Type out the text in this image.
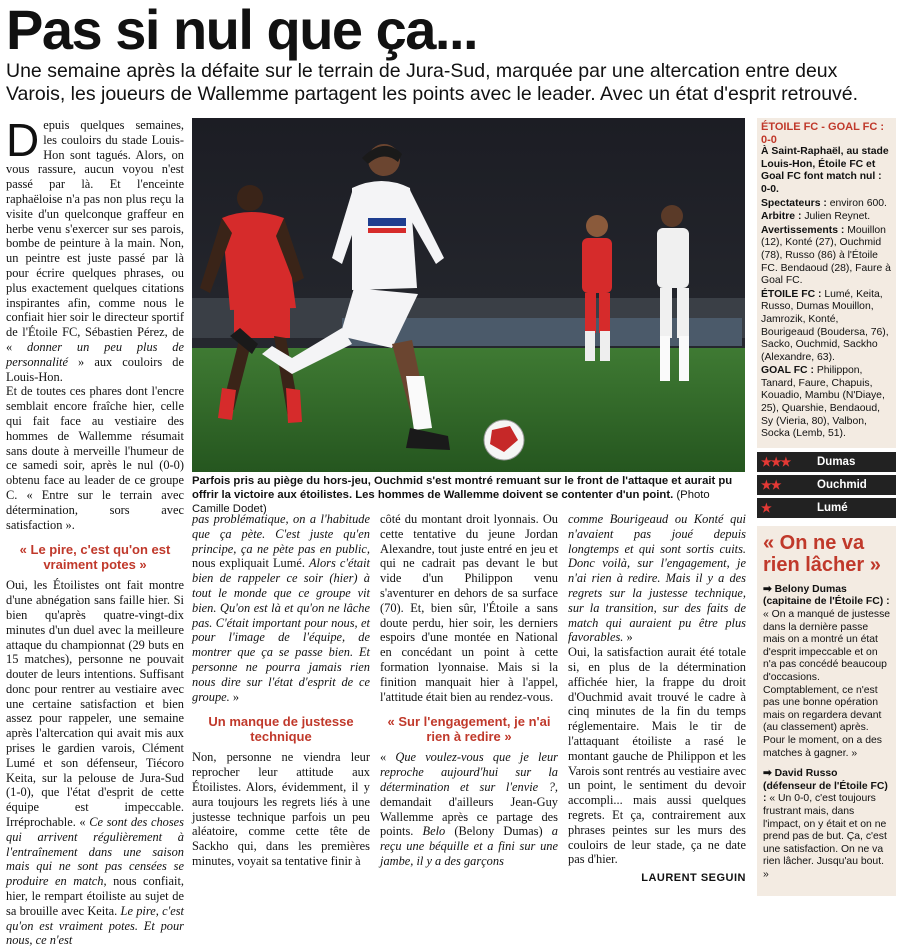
Pas si nul que ça...
Une semaine après la défaite sur le terrain de Jura-Sud, marquée par une altercation entre deux Varois, les joueurs de Wallemme partagent les points avec le leader. Avec un état d'esprit retrouvé.

Depuis quelques semaines, les couloirs du stade Louis-Hon sont tagués. Alors, on vous rassure, aucun voyou n'est passé par là. Et l'enceinte raphaëloise n'a pas non plus reçu la visite d'un quelconque graffeur en herbe venu s'exercer sur ses parois, bombe de peinture à la main. Non, un peintre est juste passé par là pour écrire quelques phrases, ou plus exactement quelques citations inspirantes afin, comme nous le confiait hier soir le directeur sportif de l'Étoile FC, Sébastien Pérez, de « donner un peu plus de personnalité » aux couloirs de Louis-Hon.

Et de toutes ces phares dont l'encre semblait encore fraîche hier, celle qui fait face au vestiaire des hommes de Wallemme résumait sans doute à merveille l'humeur de ce samedi soir, après le nul (0-0) obtenu face au leader de ce groupe C. « Entre sur le terrain avec détermination, sors avec satisfaction ».

« Le pire, c'est qu'on est vraiment potes »

Oui, les Étoilistes ont fait montre d'une abnégation sans faille hier. Si bien qu'après quatre-vingt-dix minutes d'un duel avec la meilleure attaque du championnat (29 buts en 15 matches), personne ne pouvait douter de leurs intentions. Suffisant donc pour rentrer au vestiaire avec une certaine satisfaction et bien assez pour rappeler, une semaine après l'altercation qui avait mis aux prises le gardien varois, Clément Lumé et son défenseur, Tiécoro Keita, sur la pelouse de Jura-Sud (1-0), que l'état d'esprit de cette équipe est impeccable. Irréprochable. « Ce sont des choses qui arrivent régulièrement à l'entraînement dans une saison mais qui ne sont pas censées se produire en match, nous confiait, hier, le rempart étoiliste au sujet de sa brouille avec Keita. Le pire, c'est qu'on est vraiment potes. Et pour nous, ce n'est

Parfois pris au piège du hors-jeu, Ouchmid s'est montré remuant sur le front de l'attaque et aurait pu offrir la victoire aux étoilistes. Les hommes de Wallemme doivent se contenter d'un point. (Photo Camille Dodet)

pas problématique, on a l'habitude que ça pète. C'est juste qu'en principe, ça ne pète pas en public, nous expliquait Lumé. Alors c'était bien de rappeler ce soir (hier) à tout le monde que ce groupe vit bien. Qu'on est là et qu'on ne lâche pas. C'était important pour nous, et pour l'image de l'équipe, de montrer que ça se passe bien. Et personne ne pourra jamais rien nous dire sur l'état d'esprit de ce groupe. »

Un manque de justesse technique

Non, personne ne viendra leur reprocher leur attitude aux Étoilistes. Alors, évidemment, il y aura toujours les regrets liés à une justesse technique parfois un peu aléatoire, comme cette tête de Sackho qui, dans les premières minutes, voyait sa tentative finir à

côté du montant droit lyonnais. Ou cette tentative du jeune Jordan Alexandre, tout juste entré en jeu et qui ne cadrait pas devant le but vide d'un Philippon venu s'aventurer en dehors de sa surface (70). Et, bien sûr, l'Étoile a sans doute perdu, hier soir, les derniers espoirs d'une montée en National en concédant un point à cette formation lyonnaise. Mais si la finition manquait hier à l'appel, l'attitude était bien au rendez-vous.

« Sur l'engagement, je n'ai rien à redire »

« Que voulez-vous que je leur reproche aujourd'hui sur la détermination et sur l'envie ?, demandait d'ailleurs Jean-Guy Wallemme après ce partage des points. Belo (Belony Dumas) a reçu une béquille et a fini sur une jambe, il y a des garçons

comme Bourigeaud ou Konté qui n'avaient pas joué depuis longtemps et qui sont sortis cuits. Donc voilà, sur l'engagement, je n'ai rien à redire. Mais il y a des regrets sur la justesse technique, sur la transition, sur des faits de match qui auraient pu être plus favorables. »

Oui, la satisfaction aurait été totale si, en plus de la détermination affichée hier, la frappe du droit d'Ouchmid avait trouvé le cadre à cinq minutes de la fin du temps réglementaire. Mais le tir de l'attaquant étoiliste a rasé le montant gauche de Philippon et les Varois sont rentrés au vestiaire avec un point, le sentiment du devoir accompli... mais aussi quelques regrets. Et ça, contrairement aux phrases peintes sur les murs des couloirs de leur stade, ça ne date pas d'hier.

LAURENT SEGUIN
ÉTOILE FC - GOAL FC : 0-0

À Saint-Raphaël, au stade Louis-Hon, Étoile FC et Goal FC font match nul : 0-0.

Spectateurs : environ 600.

Arbitre : Julien Reynet.

Avertissements : Mouillon (12), Konté (27), Ouchmid (78), Russo (86) à l'Étoile FC. Bendaoud (28), Faure à Goal FC.

ÉTOILE FC : Lumé, Keita, Russo, Dumas Mouillon, Jamrozik, Konté, Bourigeaud (Boudersa, 76), Sacko, Ouchmid, Sackho (Alexandre, 63).

GOAL FC : Philippon, Tanard, Faure, Chapuis, Kouadio, Mambu (N'Diaye, 25), Quarshie, Bendaoud, Sy (Vieria, 80), Valbon, Socka (Lemb, 51).

★★★	Dumas
★★	Ouchmid
★	Lumé
« On ne va rien lâcher »

➡ Belony Dumas (capitaine de l'Étoile FC) : « On a manqué de justesse dans la dernière passe mais on a montré un état d'esprit impeccable et on n'a pas concédé beaucoup d'occasions. Comptablement, ce n'est pas une bonne opération mais on regardera devant (au classement) après. Pour le moment, on a des matches à gagner. »

➡ David Russo (défenseur de l'Étoile FC) : « Un 0-0, c'est toujours frustrant mais, dans l'impact, on y était et on ne prend pas de but. Ça, c'est une satisfaction. On ne va rien lâcher. Jusqu'au bout. »
